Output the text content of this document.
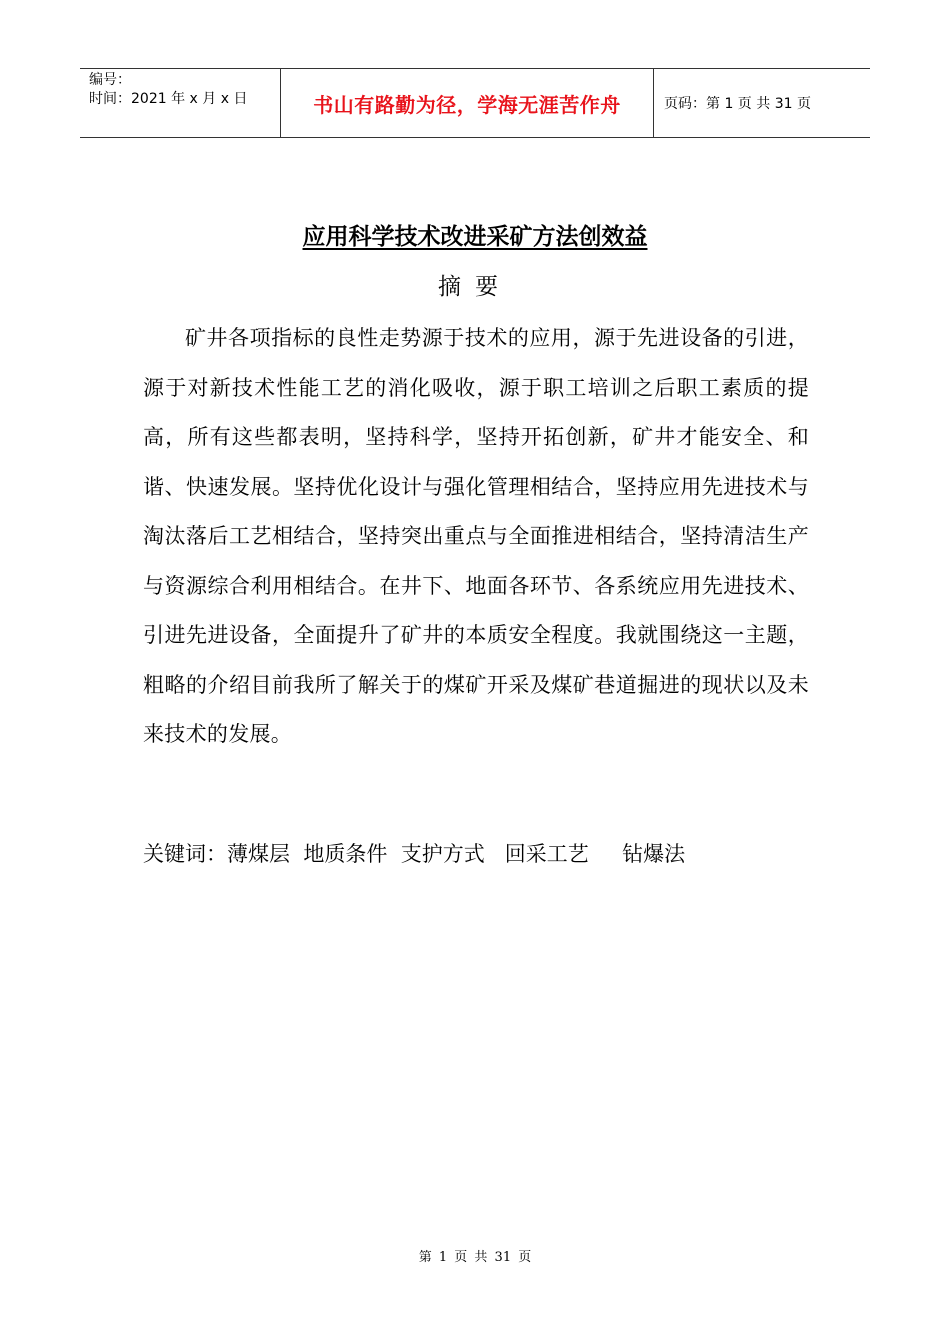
编号：
时间：2021 年 x 月 x 日	书山有路勤为径，学海无涯苦作舟	页码：第 1 页 共 31 页
应用科学技术改进采矿方法创效益
摘要
矿井各项指标的良性走势源于技术的应用，源于先进设备的引进，源于对新技术性能工艺的消化吸收，源于职工培训之后职工素质的提高，所有这些都表明，坚持科学，坚持开拓创新，矿井才能安全、和谐、快速发展。坚持优化设计与强化管理相结合，坚持应用先进技术与淘汰落后工艺相结合，坚持突出重点与全面推进相结合，坚持清洁生产与资源综合利用相结合。在井下、地面各环节、各系统应用先进技术、引进先进设备，全面提升了矿井的本质安全程度。我就围绕这一主题，粗略的介绍目前我所了解关于的煤矿开采及煤矿巷道掘进的现状以及未来技术的发展。
关键词：薄煤层  地质条件  支护方式   回采工艺     钻爆法
第 1 页 共 31 页
